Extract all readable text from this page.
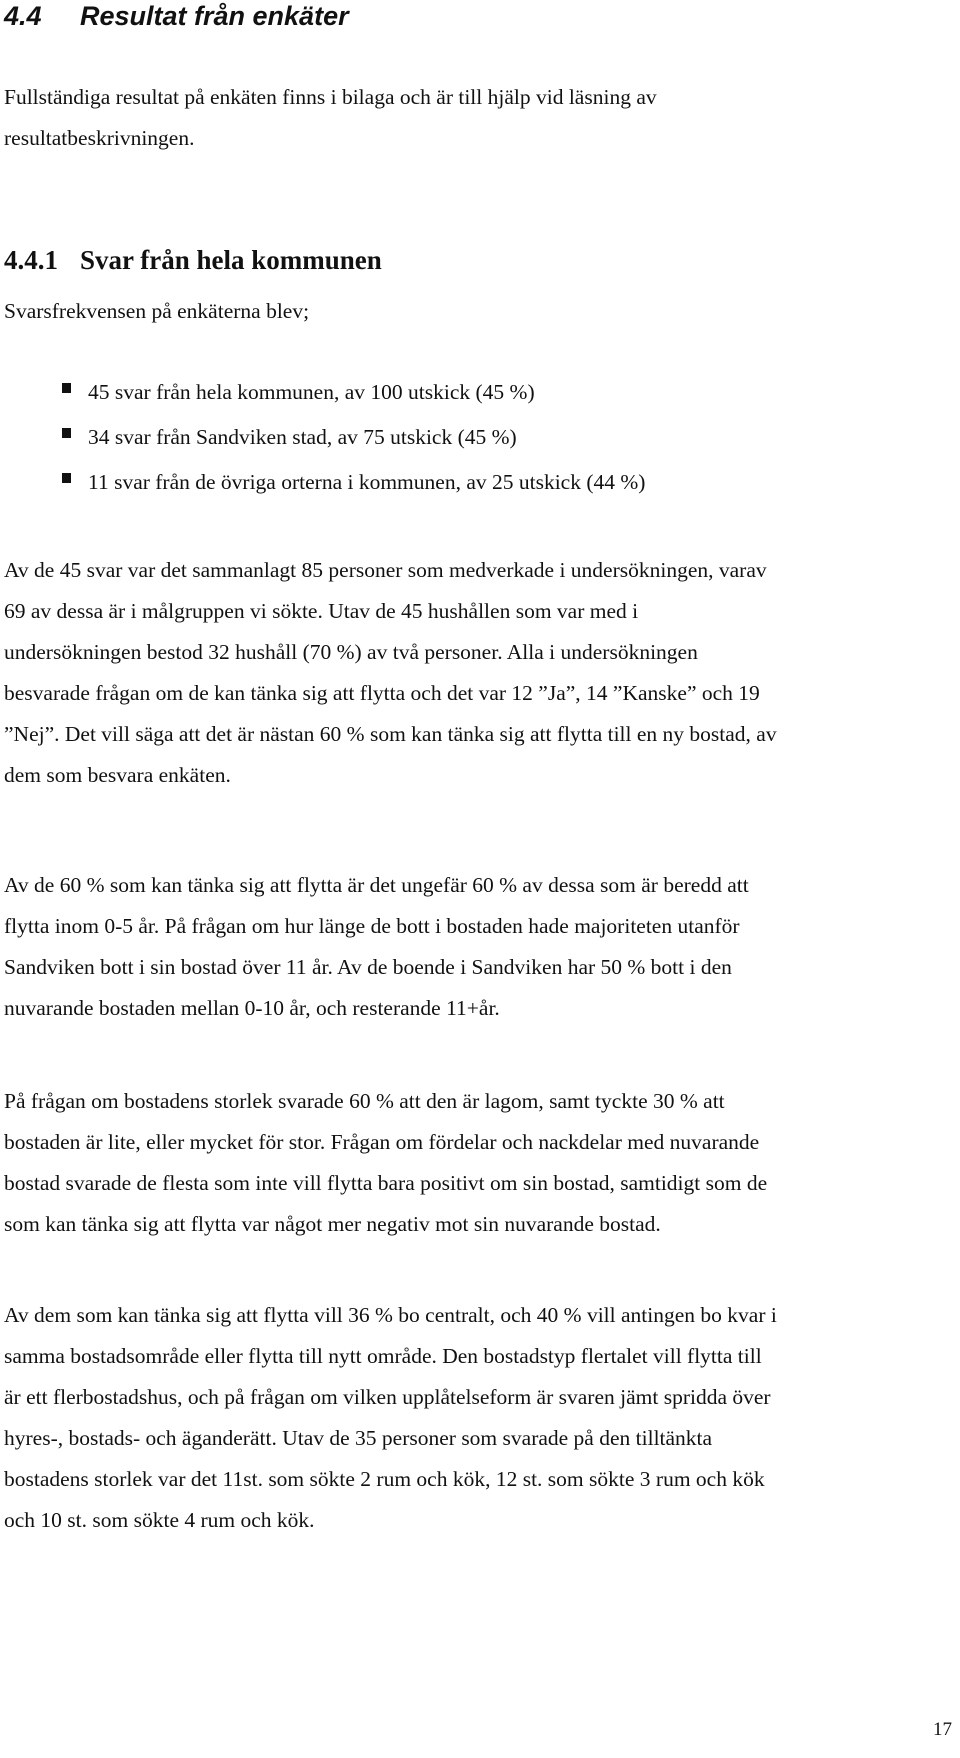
4.4 Resultat från enkäter

Fullständiga resultat på enkäten finns i bilaga och är till hjälp vid läsning av
resultatbeskrivningen.

4.4.1 Svar från hela kommunen

Svarsfrekvensen på enkäterna blev;

45 svar från hela kommunen, av 100 utskick (45 %)
34 svar från Sandviken stad, av 75 utskick (45 %)
11 svar från de övriga orterna i kommunen, av 25 utskick (44 %)

Av de 45 svar var det sammanlagt 85 personer som medverkade i undersökningen, varav
69 av dessa är i målgruppen vi sökte. Utav de 45 hushållen som var med i
undersökningen bestod 32 hushåll (70 %) av två personer. Alla i undersökningen
besvarade frågan om de kan tänka sig att flytta och det var 12 ”Ja”, 14 ”Kanske” och 19
”Nej”. Det vill säga att det är nästan 60 % som kan tänka sig att flytta till en ny bostad, av
dem som besvara enkäten.

Av de 60 % som kan tänka sig att flytta är det ungefär 60 % av dessa som är beredd att
flytta inom 0-5 år. På frågan om hur länge de bott i bostaden hade majoriteten utanför
Sandviken bott i sin bostad över 11 år. Av de boende i Sandviken har 50 % bott i den
nuvarande bostaden mellan 0-10 år, och resterande 11+år.

På frågan om bostadens storlek svarade 60 % att den är lagom, samt tyckte 30 % att
bostaden är lite, eller mycket för stor. Frågan om fördelar och nackdelar med nuvarande
bostad svarade de flesta som inte vill flytta bara positivt om sin bostad, samtidigt som de
som kan tänka sig att flytta var något mer negativ mot sin nuvarande bostad.

Av dem som kan tänka sig att flytta vill 36 % bo centralt, och 40 % vill antingen bo kvar i
samma bostadsområde eller flytta till nytt område. Den bostadstyp flertalet vill flytta till
är ett flerbostadshus, och på frågan om vilken upplåtelseform är svaren jämt spridda över
hyres-, bostads- och äganderätt. Utav de 35 personer som svarade på den tilltänkta
bostadens storlek var det 11st. som sökte 2 rum och kök, 12 st. som sökte 3 rum och kök
och 10 st. som sökte 4 rum och kök.

17
